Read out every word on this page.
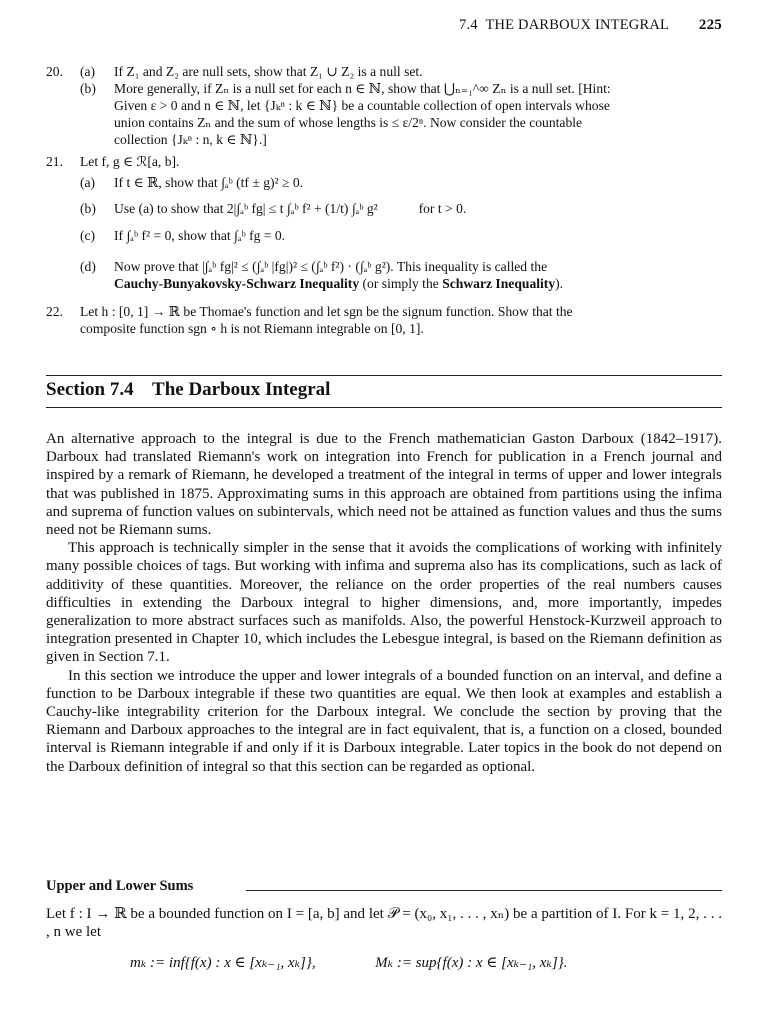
7.4 THE DARBOUX INTEGRAL 225
20.	(a) If Z₁ and Z₂ are null sets, show that Z₁ ∪ Z₂ is a null set.
(b) More generally, if Zₙ is a null set for each n ∈ ℕ, show that ⋃ₙ₌₁^∞ Zₙ is a null set. [Hint:
Given ε > 0 and n ∈ ℕ, let {Jₖⁿ : k ∈ ℕ} be a countable collection of open intervals whose
union contains Zₙ and the sum of whose lengths is ≤ ε/2ⁿ. Now consider the countable
collection {Jₖⁿ : n, k ∈ ℕ}.]
21.	Let f, g ∈ ℛ[a, b].
(a) If t ∈ ℝ, show that ∫ₐᵇ (tf ± g)² ≥ 0.
(b) Use (a) to show that 2|∫ₐᵇ fg| ≤ t ∫ₐᵇ f² + (1/t) ∫ₐᵇ g²	for t > 0.
(c) If ∫ₐᵇ f² = 0, show that ∫ₐᵇ fg = 0.
(d) Now prove that |∫ₐᵇ fg|² ≤ (∫ₐᵇ |fg|)² ≤ (∫ₐᵇ f²) · (∫ₐᵇ g²). This inequality is called the
Cauchy-Bunyakovsky-Schwarz Inequality (or simply the Schwarz Inequality).
22.	Let h : [0, 1] → ℝ be Thomae's function and let sgn be the signum function. Show that the
composite function sgn ∘ h is not Riemann integrable on [0, 1].
Section 7.4 The Darboux Integral

An alternative approach to the integral is due to the French mathematician Gaston Darboux (1842–1917). Darboux had translated Riemann's work on integration into French for publication in a French journal and inspired by a remark of Riemann, he developed a treatment of the integral in terms of upper and lower integrals that was published in 1875. Approximating sums in this approach are obtained from partitions using the infima and suprema of function values on subintervals, which need not be attained as function values and thus the sums need not be Riemann sums.

This approach is technically simpler in the sense that it avoids the complications of working with infinitely many possible choices of tags. But working with infima and suprema also has its complications, such as lack of additivity of these quantities. Moreover, the reliance on the order properties of the real numbers causes difficulties in extending the Darboux integral to higher dimensions, and, more importantly, impedes generalization to more abstract surfaces such as manifolds. Also, the powerful Henstock-Kurzweil approach to integration presented in Chapter 10, which includes the Lebesgue integral, is based on the Riemann definition as given in Section 7.1.

In this section we introduce the upper and lower integrals of a bounded function on an interval, and define a function to be Darboux integrable if these two quantities are equal. We then look at examples and establish a Cauchy-like integrability criterion for the Darboux integral. We conclude the section by proving that the Riemann and Darboux approaches to the integral are in fact equivalent, that is, a function on a closed, bounded interval is Riemann integrable if and only if it is Darboux integrable. Later topics in the book do not depend on the Darboux definition of integral so that this section can be regarded as optional.

Upper and Lower Sums
Let f : I → ℝ be a bounded function on I = [a, b] and let 𝒫 = (x₀, x₁, . . . , xₙ) be a partition of I. For k = 1, 2, . . . , n we let
mₖ := inf{f(x) : x ∈ [xₖ₋₁, xₖ]},	Mₖ := sup{f(x) : x ∈ [xₖ₋₁, xₖ]}.
